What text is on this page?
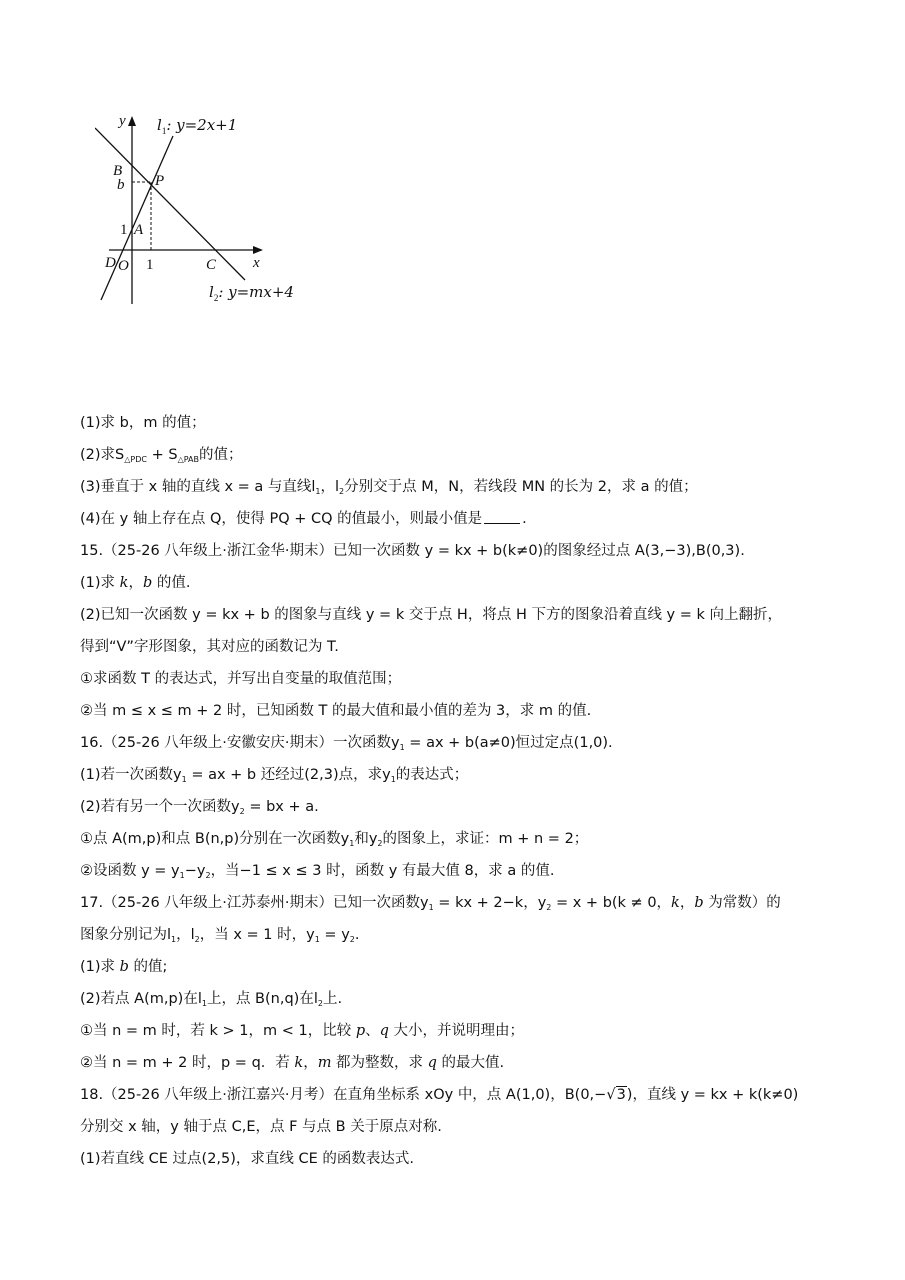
y
x
$l_1$: y=2x+1
B
b P
1 A
D O 1	C
$l_2$: y=mx+4
(1)求 b，m 的值；
(2)求$S_{\triangle PDC} + S_{\triangle PAB}$的值；
(3)垂直于 x 轴的直线 x = a 与直线$l_1$，$l_2$分别交于点 M，N，若线段 MN 的长为 2，求 a 的值；
(4)在 y 轴上存在点 Q，使得 PQ + CQ 的值最小，则最小值是	.
15.（25-26 八年级上·浙江金华·期末）已知一次函数 y = kx + b(k≠0)的图象经过点 A(3,−3),B(0,3).
(1)求 k，b 的值.
(2)已知一次函数 y = kx + b 的图象与直线 y = k 交于点 H，将点 H 下方的图象沿着直线 y = k 向上翻折，
得到“V”字形图象，其对应的函数记为 T.
①求函数 T 的表达式，并写出自变量的取值范围；
②当 m ≤ x ≤ m + 2 时，已知函数 T 的最大值和最小值的差为 3，求 m 的值.
16.（25-26 八年级上·安徽安庆·期末）一次函数$y_1$ = ax + b(a≠0)恒过定点(1,0).
(1)若一次函数$y_1$ = ax + b 还经过(2,3)点，求$y_1$的表达式；
(2)若有另一个一次函数$y_2$ = bx + a.
①点 A(m,p)和点 B(n,p)分别在一次函数$y_1$和$y_2$的图象上，求证：m + n = 2；
②设函数 $y = y_1-y_2$，当−1 ≤ x ≤ 3 时，函数 y 有最大值 8，求 a 的值.
17.（25-26 八年级上·江苏泰州·期末）已知一次函数$y_1$ = kx + 2−k，$y_2 = x + b(k \ne 0$，k，b 为常数）的
图象分别记为$l_1$，$l_2$，当 x = 1 时，$y_1 = y_2$.
(1)求 b 的值;
(2)若点 A(m,p)在$l_1$上，点 B(n,q)在$l_2$上.
①当 n = m 时，若 k > 1，m < 1，比较 p、q 大小，并说明理由；
②当 n = m + 2 时，p = q．若 k，m 都为整数，求 q 的最大值.
18.（25-26 八年级上·浙江嘉兴·月考）在直角坐标系 xOy 中，点 A(1,0)，B(0,−√3)，直线 y = kx + k(k≠0)
分别交 x 轴，y 轴于点 C,E，点 F 与点 B 关于原点对称.
(1)若直线 CE 过点(2,5)，求直线 CE 的函数表达式.
